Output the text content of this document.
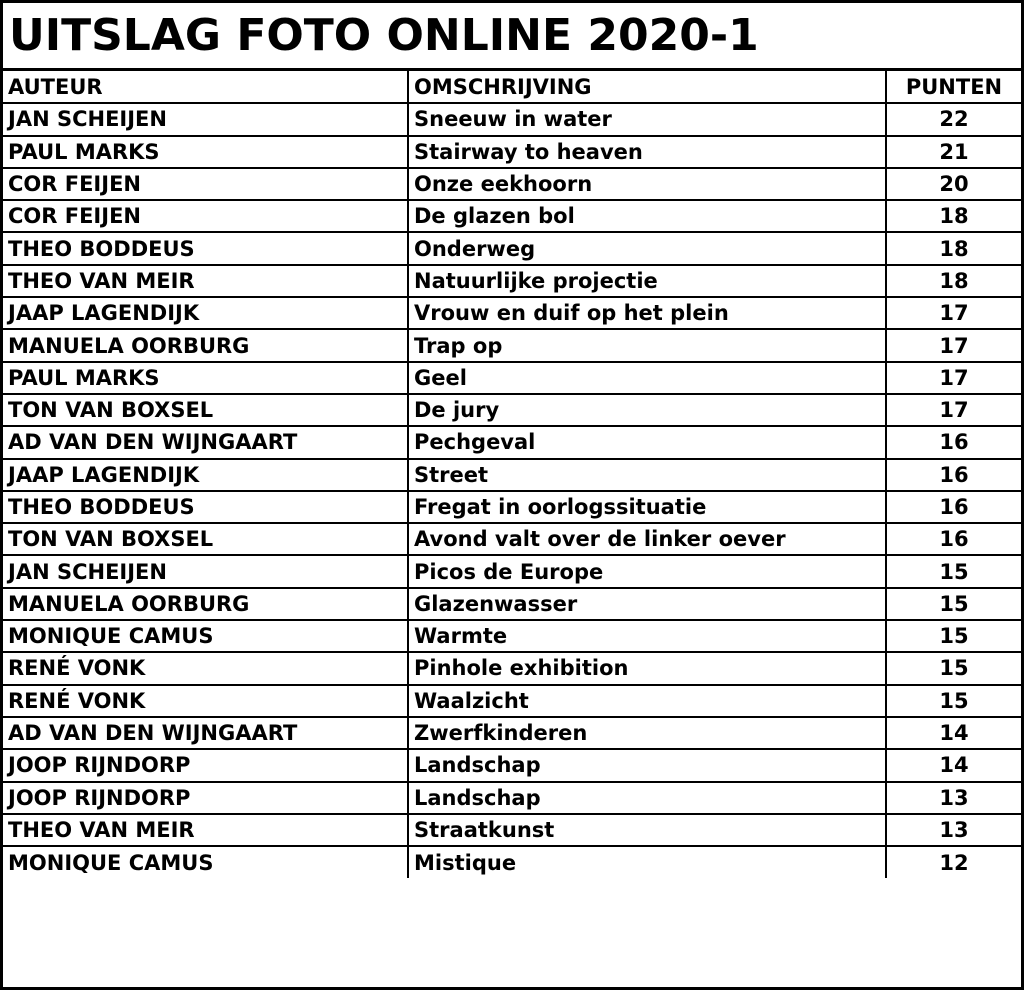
UITSLAG FOTO ONLINE 2020-1
AUTEUR	OMSCHRIJVING	PUNTEN
JAN SCHEIJEN	Sneeuw in water	22
PAUL MARKS	Stairway to heaven	21
COR FEIJEN	Onze eekhoorn	20
COR FEIJEN	De glazen bol	18
THEO BODDEUS	Onderweg	18
THEO VAN MEIR	Natuurlijke projectie	18
JAAP LAGENDIJK	Vrouw en duif op het plein	17
MANUELA OORBURG	Trap op	17
PAUL MARKS	Geel	17
TON VAN BOXSEL	De jury	17
AD VAN DEN WIJNGAART	Pechgeval	16
JAAP LAGENDIJK	Street	16
THEO BODDEUS	Fregat in oorlogssituatie	16
TON VAN BOXSEL	Avond valt over de linker oever	16
JAN SCHEIJEN	Picos de Europe	15
MANUELA OORBURG	Glazenwasser	15
MONIQUE CAMUS	Warmte	15
RENÉ VONK	Pinhole exhibition	15
RENÉ VONK	Waalzicht	15
AD VAN DEN WIJNGAART	Zwerfkinderen	14
JOOP RIJNDORP	Landschap	14
JOOP RIJNDORP	Landschap	13
THEO VAN MEIR	Straatkunst	13
MONIQUE CAMUS	Mistique	12
